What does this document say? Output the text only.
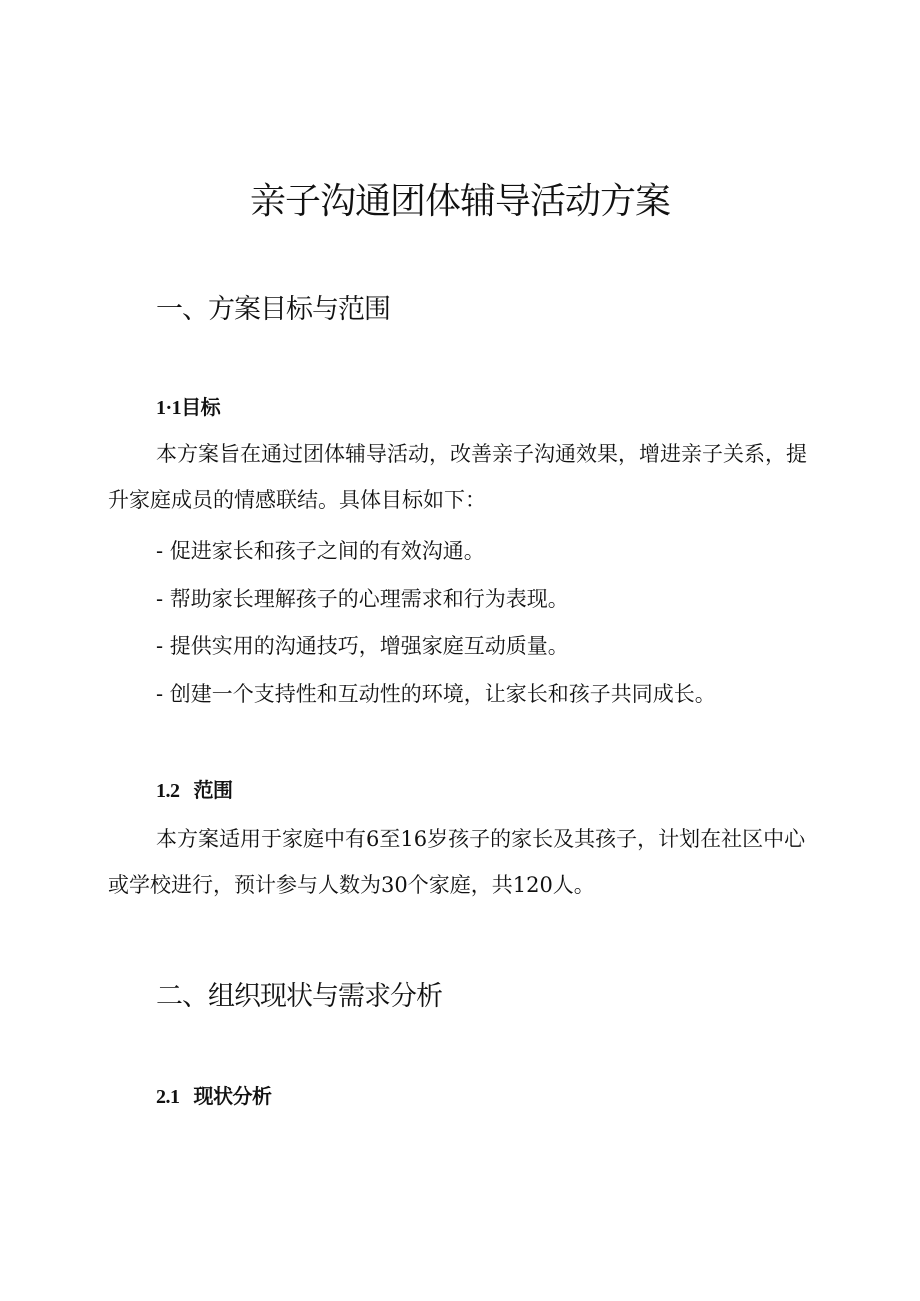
亲子沟通团体辅导活动方案
一、方案目标与范围
1·1目标

本方案旨在通过团体辅导活动，改善亲子沟通效果，增进亲子关系，提升家庭成员的情感联结。具体目标如下：

- 促进家长和孩子之间的有效沟通。

- 帮助家长理解孩子的心理需求和行为表现。

- 提供实用的沟通技巧，增强家庭互动质量。

- 创建一个支持性和互动性的环境，让家长和孩子共同成长。

1.2 范围

本方案适用于家庭中有6至16岁孩子的家长及其孩子，计划在社区中心或学校进行，预计参与人数为30个家庭，共120人。

二、组织现状与需求分析
2.1 现状分析
